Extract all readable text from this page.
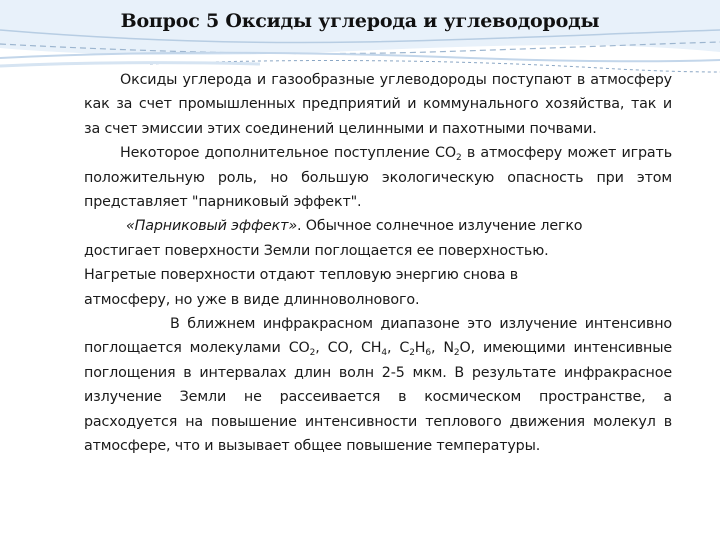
Вопрос 5 Оксиды углерода и углеводороды

Оксиды углерода и газообразные углеводороды поступают в атмосферу как за счет промышленных предприятий и коммунального хозяйства, так и за счет эмиссии этих соединений целинными и пахотными почвами.

Некоторое дополнительное поступление $CO_2$ в атмосферу может играть положительную роль, но большую экологическую опасность при этом представляет "парниковый эффект".

«Парниковый эффект». Обычное солнечное излучение легко

достигает поверхности Земли поглощается ее поверхностью.

Нагретые поверхности отдают тепловую энергию снова в

атмосферу, но уже в виде длинноволнового.

В ближнем инфракрасном диапазоне это излучение интенсивно поглощается молекулами $CO_2$, CO, $CH_4$, $C_2H_6$, $N_2O$, имеющими интенсивные поглощения в интервалах длин волн 2-5 мкм. В результате инфракрасное излучение Земли не рассеивается в космическом пространстве, а расходуется на повышение интенсивности теплового движения молекул в атмосфере, что и вызывает общее повышение температуры.
